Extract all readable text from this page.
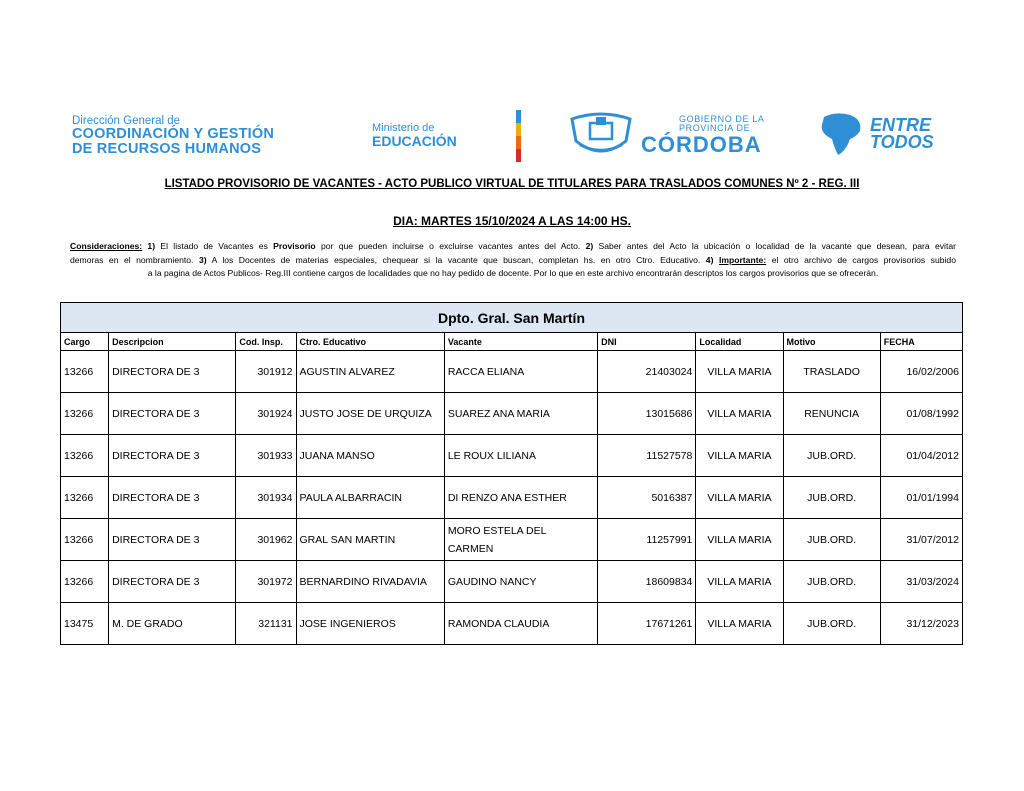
Dirección General de
COORDINACIÓN Y GESTIÓN
DE RECURSOS HUMANOS
Ministerio de
EDUCACIÓN
GOBIERNO DE LA
PROVINCIA DE
CÓRDOBA
ENTRE
TODOS
LISTADO PROVISORIO DE VACANTES - ACTO PUBLICO VIRTUAL DE TITULARES PARA TRASLADOS COMUNES Nº 2 - REG. III
DIA: MARTES 15/10/2024 A LAS 14:00 HS.
Consideraciones: 1) El listado de Vacantes es Provisorio por que pueden incluirse o excluirse vacantes antes del Acto. 2) Saber antes del Acto la ubicación o localidad de la vacante que desean, para evitar
demoras en el nombramiento. 3) A los Docentes de materias especiales, chequear si la vacante que buscan, completan hs. en otro Ctro. Educativo. 4) Importante: el otro archivo de cargos provisorios subido
a la pagina de Actos Publicos- Reg.III contiene cargos de localidades que no hay pedido de docente. Por lo que en este archivo encontrarán descriptos los cargos provisorios que se ofrecerán.
Dpto. Gral. San Martín								
Cargo	Descripcion	Cod. Insp.	Ctro. Educativo	Vacante	DNI	Localidad	Motivo	FECHA
13266	DIRECTORA DE 3	301912	AGUSTIN ALVAREZ	RACCA ELIANA	21403024	VILLA MARIA	TRASLADO	16/02/2006
13266	DIRECTORA DE 3	301924	JUSTO JOSE DE URQUIZA	SUAREZ ANA MARIA	13015686	VILLA MARIA	RENUNCIA	01/08/1992
13266	DIRECTORA DE 3	301933	JUANA MANSO	LE ROUX LILIANA	11527578	VILLA MARIA	JUB.ORD.	01/04/2012
13266	DIRECTORA DE 3	301934	PAULA ALBARRACIN	DI RENZO ANA ESTHER	5016387	VILLA MARIA	JUB.ORD.	01/01/1994
13266	DIRECTORA DE 3	301962	GRAL SAN MARTIN	MORO ESTELA DEL CARMEN	11257991	VILLA MARIA	JUB.ORD.	31/07/2012
13266	DIRECTORA DE 3	301972	BERNARDINO RIVADAVIA	GAUDINO NANCY	18609834	VILLA MARIA	JUB.ORD.	31/03/2024
13475	M. DE GRADO	321131	JOSE INGENIEROS	RAMONDA CLAUDIA	17671261	VILLA MARIA	JUB.ORD.	31/12/2023
